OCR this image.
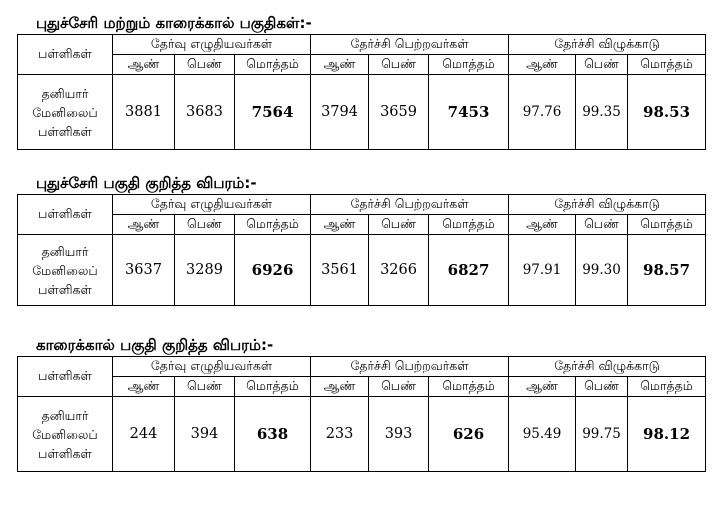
புதுச்சேரி மற்றும் காரைக்கால் பகுதிகள்:-
பள்ளிகள்	தேர்வு எழுதியவர்கள்			தேர்ச்சி பெற்றவர்கள்			தேர்ச்சி விழுக்காடு		
	ஆண்	பெண்	மொத்தம்	ஆண்	பெண்	மொத்தம்	ஆண்	பெண்	மொத்தம்
தனியார்
மேனிலைப்
பள்ளிகள்	3881	3683	7564	3794	3659	7453	97.76	99.35	98.53
புதுச்சேரி பகுதி குறித்த விபரம்:-
பள்ளிகள்	தேர்வு எழுதியவர்கள்			தேர்ச்சி பெற்றவர்கள்			தேர்ச்சி விழுக்காடு		
	ஆண்	பெண்	மொத்தம்	ஆண்	பெண்	மொத்தம்	ஆண்	பெண்	மொத்தம்
தனியார்
மேனிலைப்
பள்ளிகள்	3637	3289	6926	3561	3266	6827	97.91	99.30	98.57
காரைக்கால் பகுதி குறித்த விபரம்:-
பள்ளிகள்	தேர்வு எழுதியவர்கள்			தேர்ச்சி பெற்றவர்கள்			தேர்ச்சி விழுக்காடு		
	ஆண்	பெண்	மொத்தம்	ஆண்	பெண்	மொத்தம்	ஆண்	பெண்	மொத்தம்
தனியார்
மேனிலைப்
பள்ளிகள்	244	394	638	233	393	626	95.49	99.75	98.12
